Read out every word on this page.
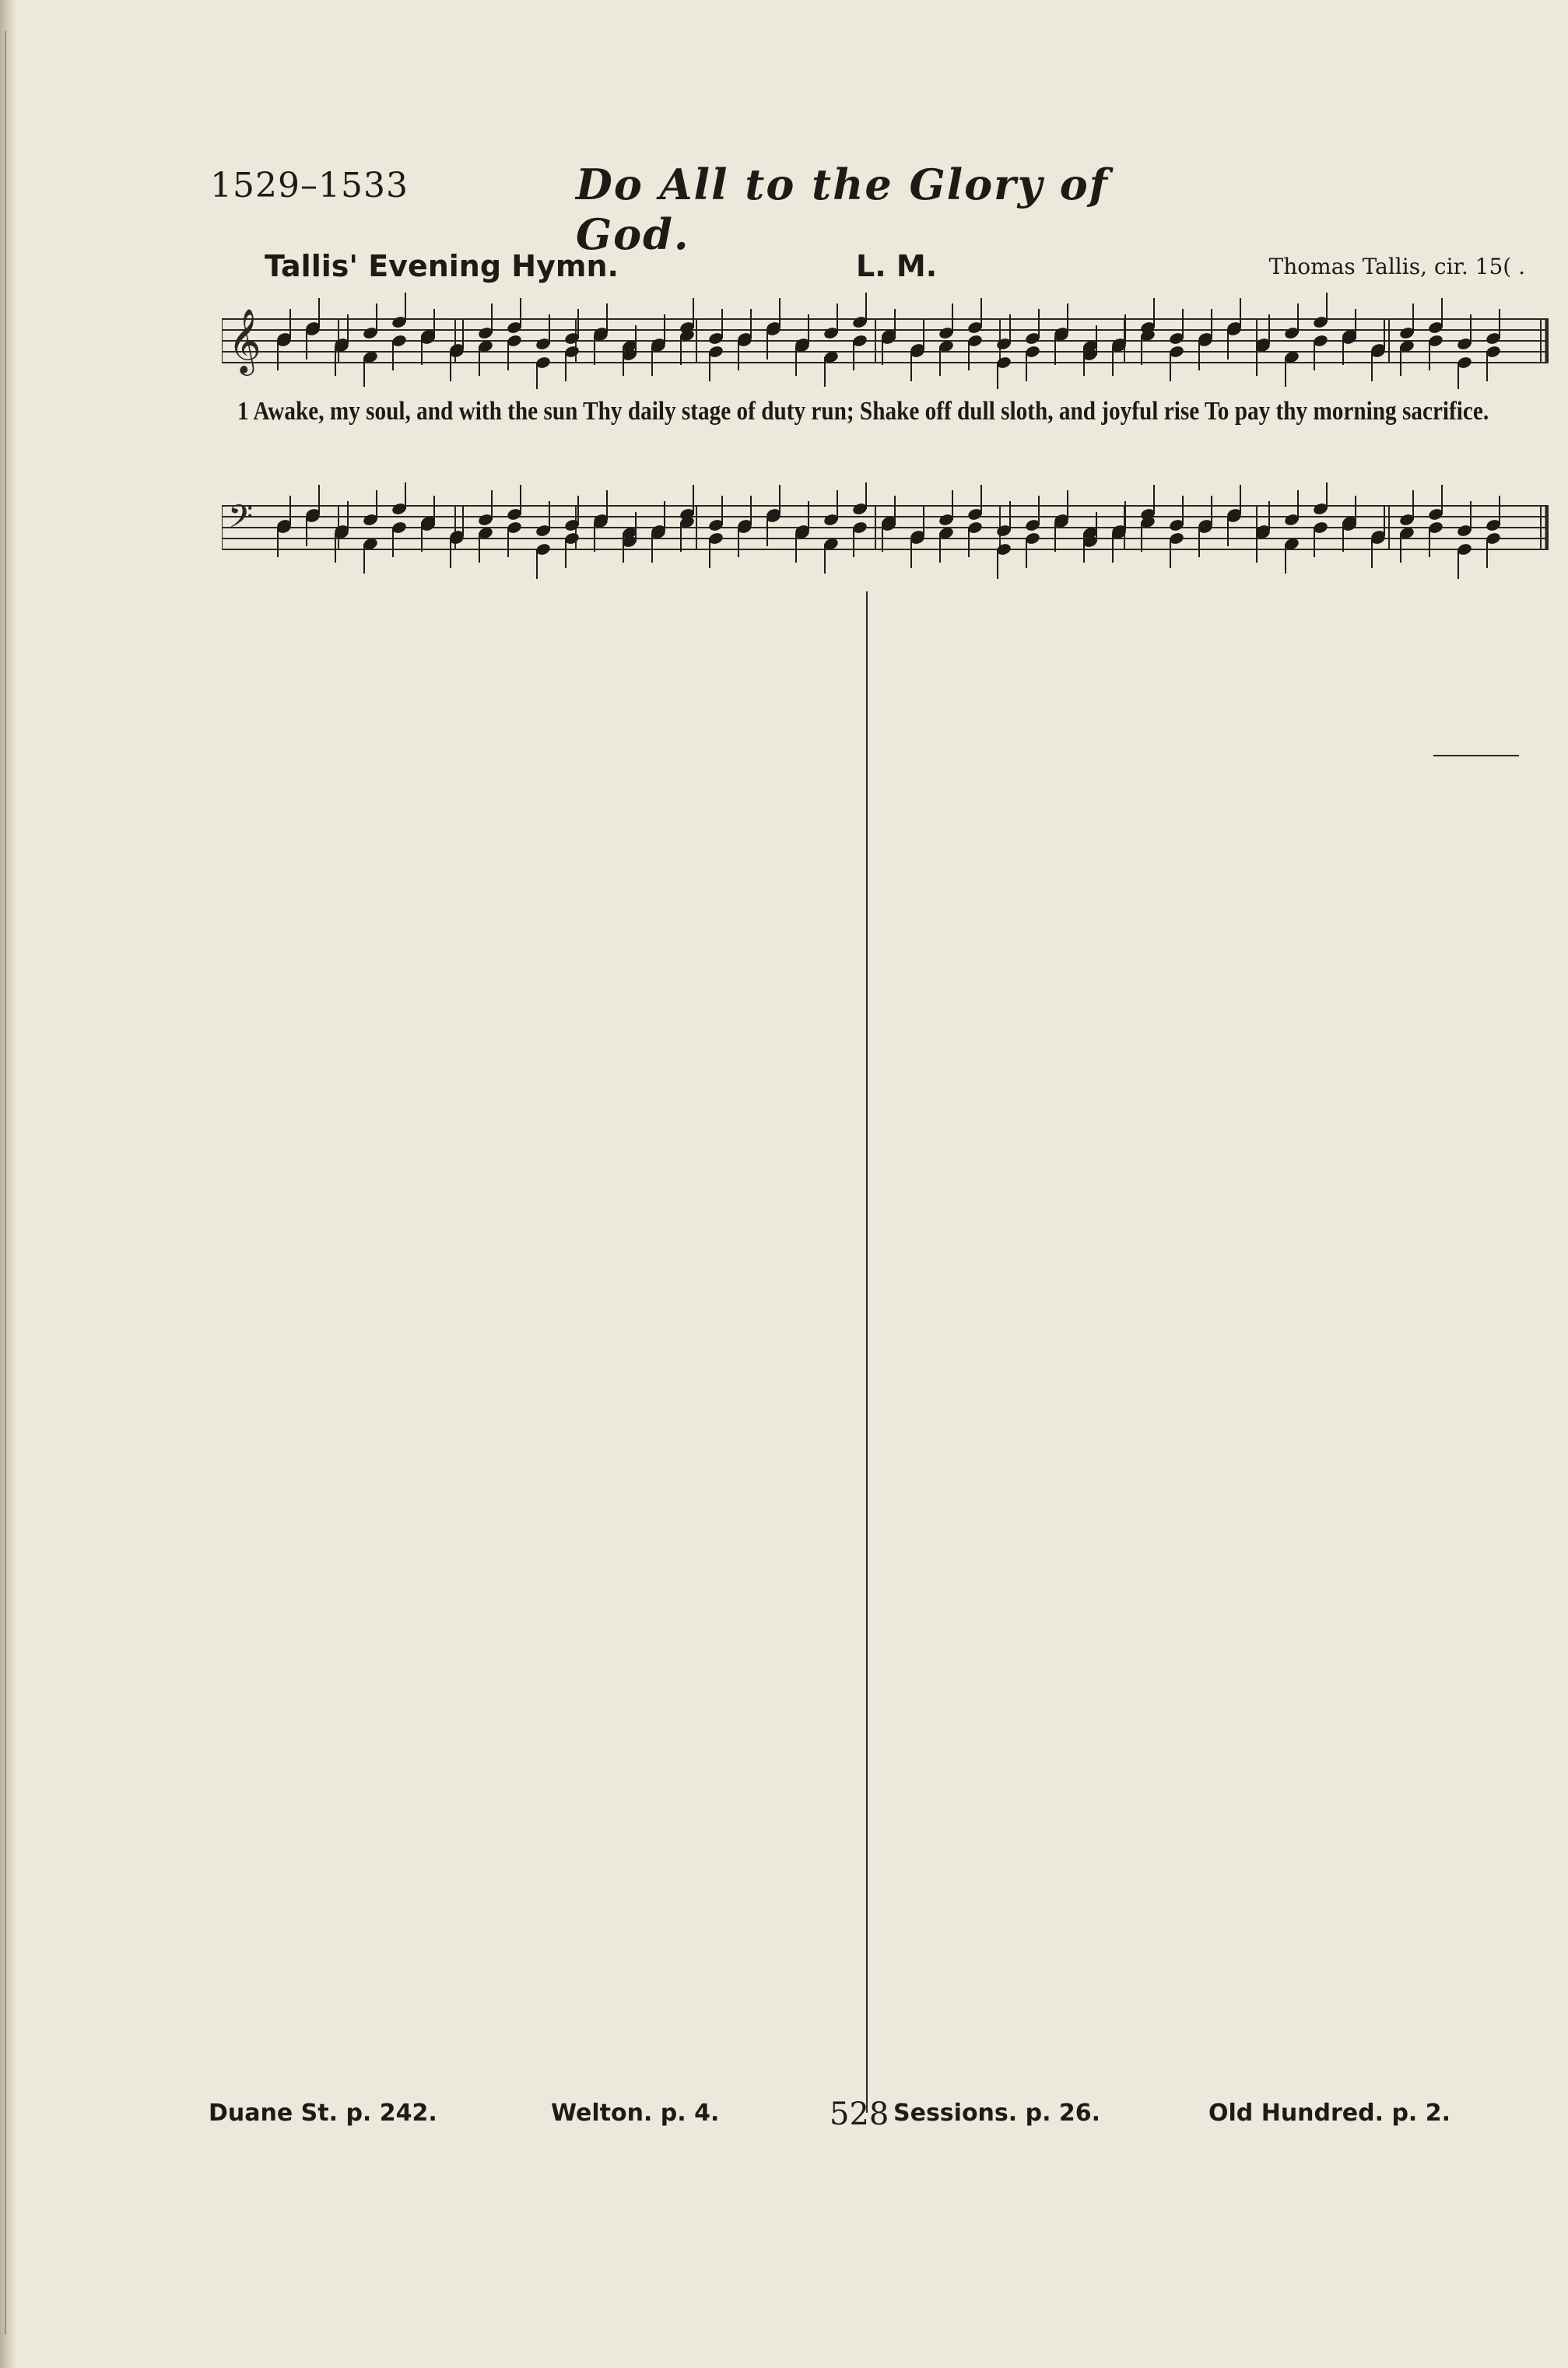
1529–1533	Do All to the Glory of God.
Tallis' Evening Hymn.	L. M.	Thomas Tallis, cir. 15( .
𝄞
𝄢
1 Awake, my soul, and with the sun Thy daily stage of duty run; Shake off dull sloth, and joyful rise To pay thy morning sacrifice.
Duane St. p. 242.	Welton. p. 4.	528 Sessions. p. 26.	Old Hundred. p. 2.
